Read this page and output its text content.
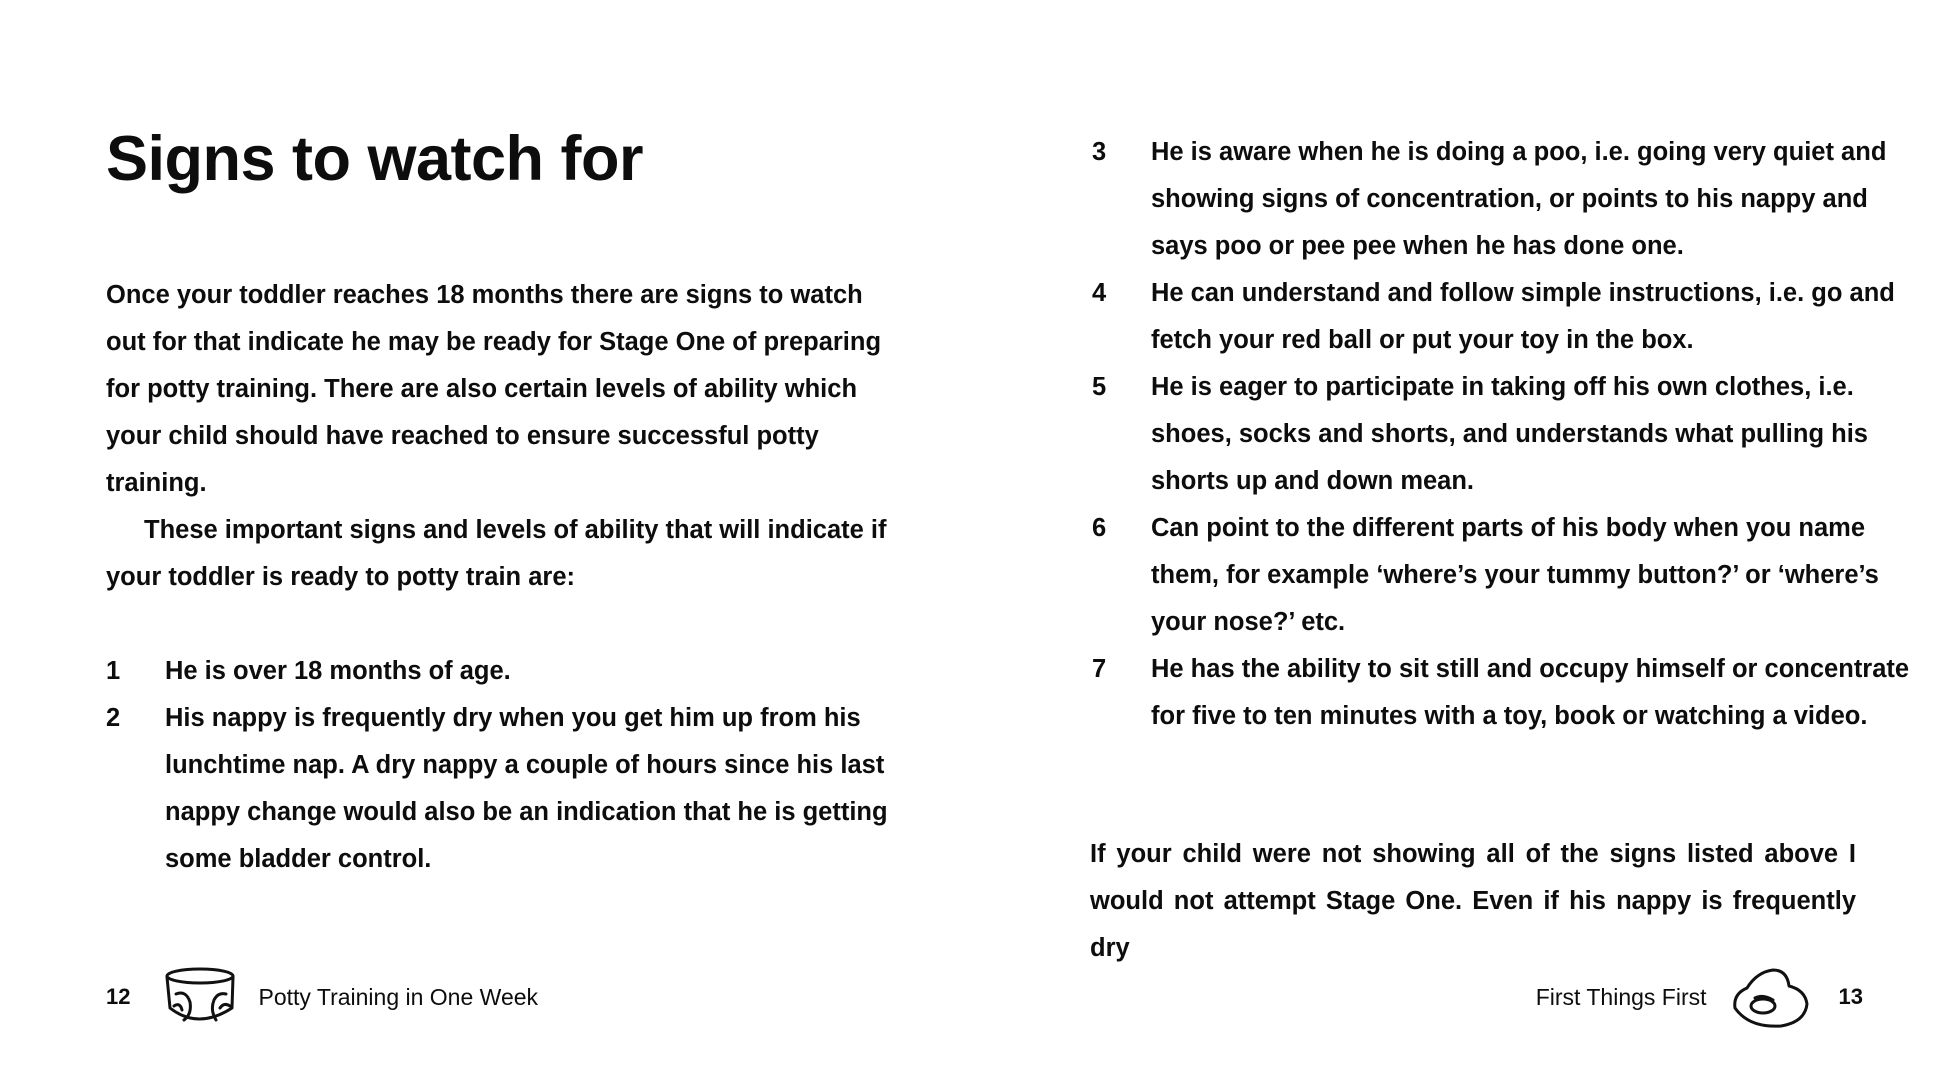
Signs to watch for

Once your toddler reaches 18 months there are signs to watch out for that indicate he may be ready for Stage One of preparing for potty training. There are also certain levels of ability which your child should have reached to ensure successful potty training.

These important signs and levels of ability that will indicate if your toddler is ready to potty train are:

1 He is over 18 months of age.
2 His nappy is frequently dry when you get him up from his lunchtime nap. A dry nappy a couple of hours since his last nappy change would also be an indication that he is getting some bladder control.
12	Potty Training in One Week
3 He is aware when he is doing a poo, i.e. going very quiet and showing signs of concentration, or points to his nappy and says poo or pee pee when he has done one.
4 He can understand and follow simple instructions, i.e. go and fetch your red ball or put your toy in the box.
5 He is eager to participate in taking off his own clothes, i.e. shoes, socks and shorts, and understands what pulling his shorts up and down mean.
6 Can point to the different parts of his body when you name them, for example ‘where’s your tummy button?’ or ‘where’s your nose?’ etc.
7 He has the ability to sit still and occupy himself or concentrate for five to ten minutes with a toy, book or watching a video.

If your child were not showing all of the signs listed above I would not attempt Stage One. Even if his nappy is frequently dry

First Things First	13
